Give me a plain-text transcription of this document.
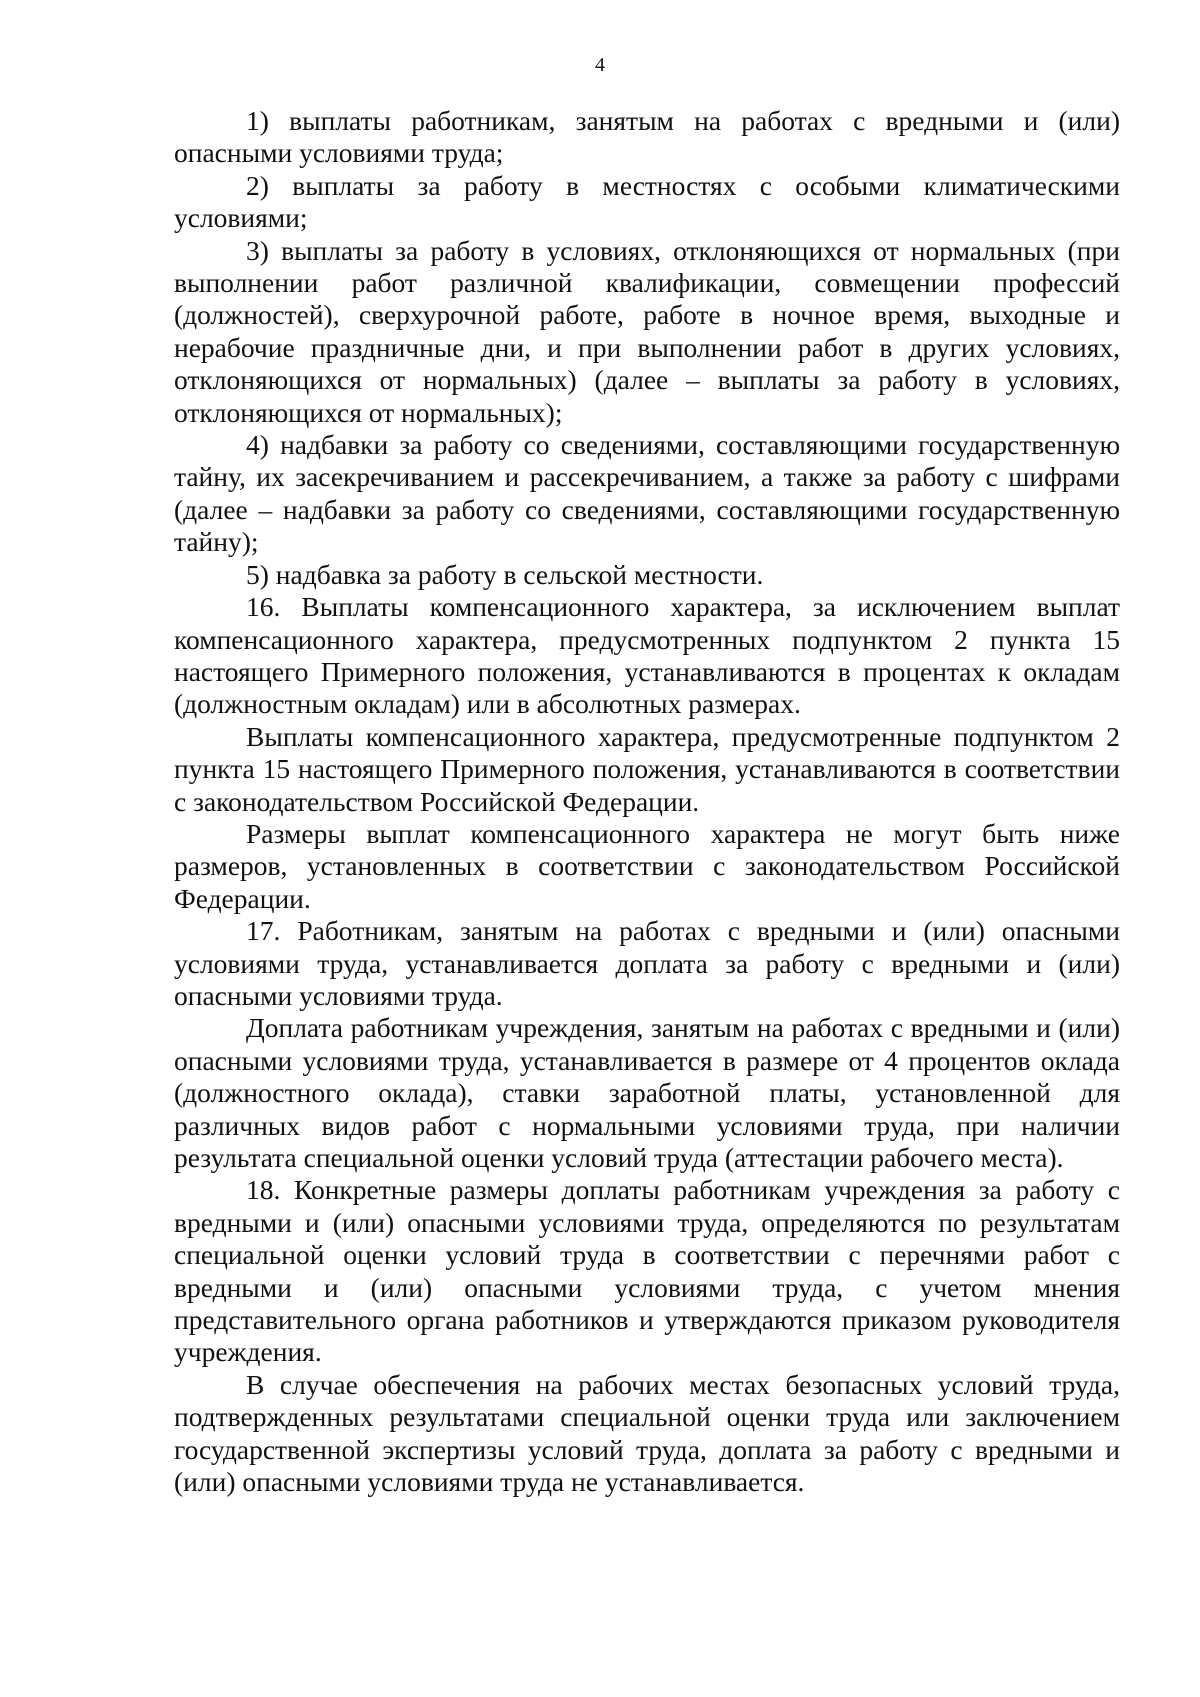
4

1) выплаты работникам, занятым на работах с вредными и (или) опасными условиями труда;

2) выплаты за работу в местностях с особыми климатическими условиями;

3) выплаты за работу в условиях, отклоняющихся от нормальных (при выполнении работ различной квалификации, совмещении профессий (должностей), сверхурочной работе, работе в ночное время, выходные и нерабочие праздничные дни, и при выполнении работ в других условиях, отклоняющихся от нормальных) (далее – выплаты за работу в условиях, отклоняющихся от нормальных);

4) надбавки за работу со сведениями, составляющими государственную тайну, их засекречиванием и рассекречиванием, а также за работу с шифрами (далее – надбавки за работу со сведениями, составляющими государственную тайну);

5) надбавка за работу в сельской местности.

16. Выплаты компенсационного характера, за исключением выплат компенсационного характера, предусмотренных подпунктом 2 пункта 15 настоящего Примерного положения, устанавливаются в процентах к окладам (должностным окладам) или в абсолютных размерах.

Выплаты компенсационного характера, предусмотренные подпунктом 2 пункта 15 настоящего Примерного положения, устанавливаются в соответствии с законодательством Российской Федерации.

Размеры выплат компенсационного характера не могут быть ниже размеров, установленных в соответствии с законодательством Российской Федерации.

17. Работникам, занятым на работах с вредными и (или) опасными условиями труда, устанавливается доплата за работу с вредными и (или) опасными условиями труда.

Доплата работникам учреждения, занятым на работах с вредными и (или) опасными условиями труда, устанавливается в размере от 4 процентов оклада (должностного оклада), ставки заработной платы, установленной для различных видов работ с нормальными условиями труда, при наличии результата специальной оценки условий труда (аттестации рабочего места).

18. Конкретные размеры доплаты работникам учреждения за работу с вредными и (или) опасными условиями труда, определяются по результатам специальной оценки условий труда в соответствии с перечнями работ с вредными и (или) опасными условиями труда, с учетом мнения представительного органа работников и утверждаются приказом руководителя учреждения.

В случае обеспечения на рабочих местах безопасных условий труда, подтвержденных результатами специальной оценки труда или заключением государственной экспертизы условий труда, доплата за работу с вредными и (или) опасными условиями труда не устанавливается.
